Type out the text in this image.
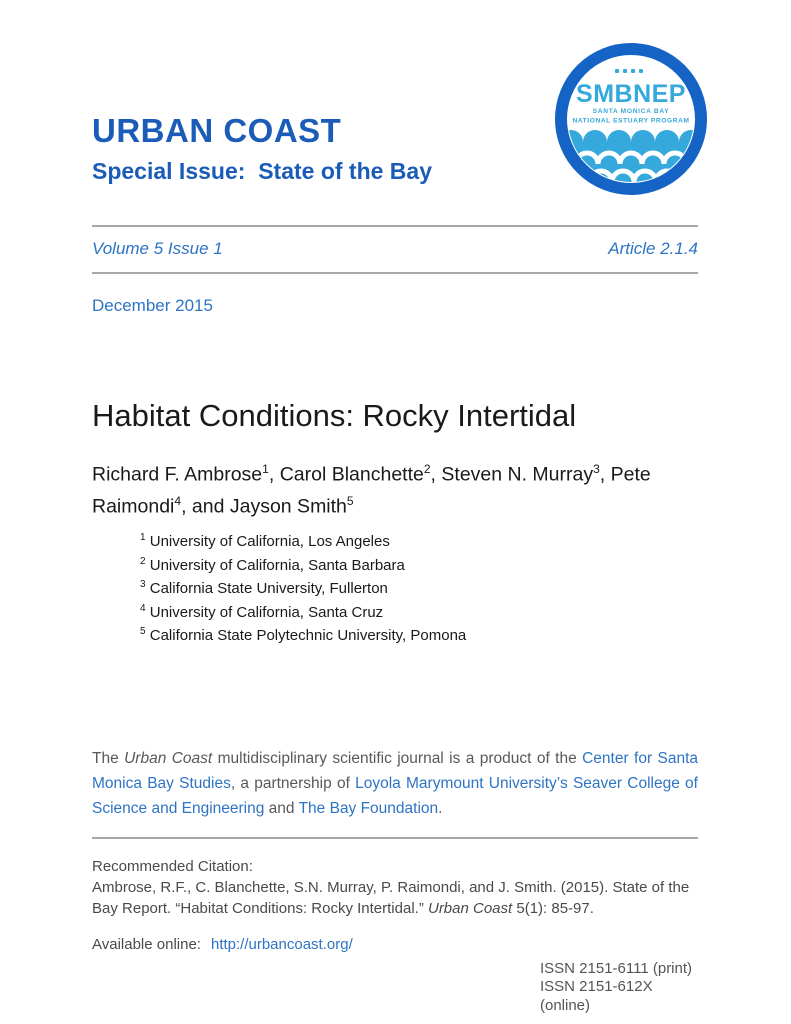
SMBNEP
SANTA MONICA BAY
NATIONAL ESTUARY PROGRAM
URBAN COAST
Special Issue:  State of the Bay
Volume 5 Issue 1	Article 2.1.4
December 2015
Habitat Conditions: Rocky Intertidal
Richard F. Ambrose$^1$, Carol Blanchette$^2$, Steven N. Murray$^3$, Pete Raimondi$^4$, and Jayson Smith$^5$
$^1$ University of California, Los Angeles
$^2$ University of California, Santa Barbara
$^3$ California State University, Fullerton
$^4$ University of California, Santa Cruz
$^5$ California State Polytechnic University, Pomona

The Urban Coast multidisciplinary scientific journal is a product of the Center for Santa Monica Bay Studies, a partnership of Loyola Marymount University’s Seaver College of Science and Engineering and The Bay Foundation.

Recommended Citation:

Ambrose, R.F., C. Blanchette, S.N. Murray, P. Raimondi, and J. Smith. (2015). State of the Bay Report. “Habitat Conditions: Rocky Intertidal.” Urban Coast 5(1): 85-97.

Available online: http://urbancoast.org/
ISSN 2151-6111 (print)
ISSN 2151-612X (online)
